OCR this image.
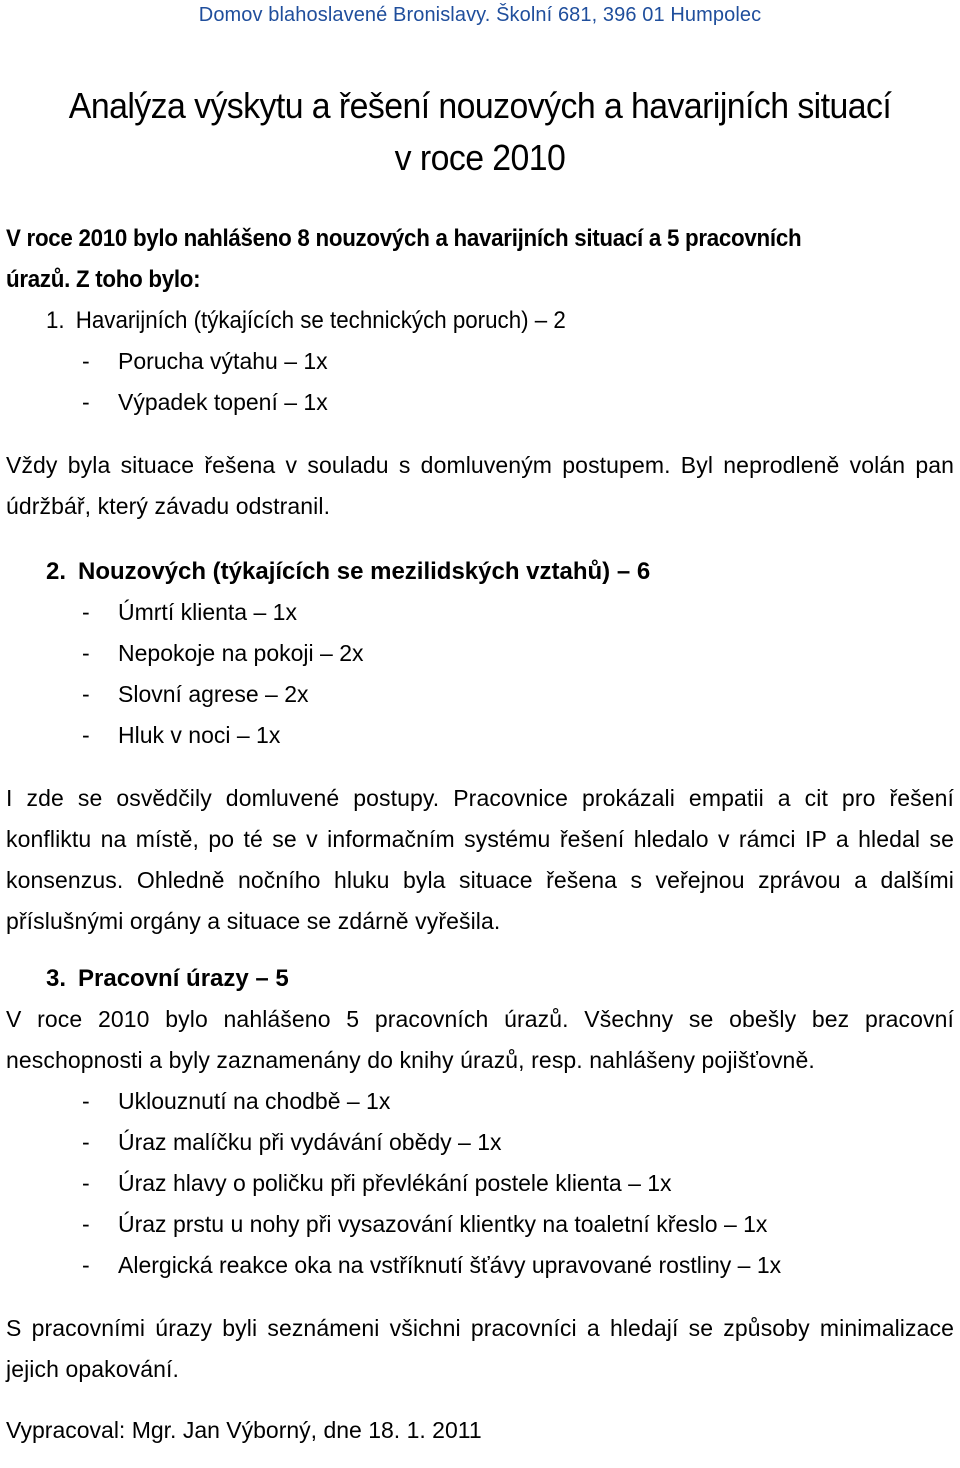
Domov blahoslavené Bronislavy. Školní 681, 396 01 Humpolec
Analýza výskytu a řešení nouzových a havarijních situací
v roce 2010
V roce 2010 bylo nahlášeno 8 nouzových a havarijních situací a 5 pracovních
úrazů. Z toho bylo:
1. Havarijních (týkajících se technických poruch) – 2
- Porucha výtahu – 1x
- Výpadek topení – 1x
Vždy byla situace řešena v souladu s domluveným postupem. Byl neprodleně volán pan údržbář, který závadu odstranil.
2. Nouzových (týkajících se mezilidských vztahů) – 6
- Úmrtí klienta – 1x
- Nepokoje na pokoji – 2x
- Slovní agrese – 2x
- Hluk v noci – 1x
I zde se osvědčily domluvené postupy. Pracovnice prokázali empatii a cit pro řešení konfliktu na místě, po té se v informačním systému řešení hledalo v rámci IP a hledal se konsenzus. Ohledně nočního hluku byla situace řešena s veřejnou zprávou a dalšími příslušnými orgány a situace se zdárně vyřešila.
3. Pracovní úrazy – 5
V roce 2010 bylo nahlášeno 5 pracovních úrazů. Všechny se obešly bez pracovní neschopnosti a byly zaznamenány do knihy úrazů, resp. nahlášeny pojišťovně.
- Uklouznutí na chodbě – 1x
- Úraz malíčku při vydávání obědy – 1x
- Úraz hlavy o poličku při převlékání postele klienta – 1x
- Úraz prstu u nohy při vysazování klientky na toaletní křeslo – 1x
- Alergická reakce oka na vstříknutí šťávy upravované rostliny – 1x
S pracovními úrazy byli seznámeni všichni pracovníci a hledají se způsoby minimalizace jejich opakování.
Vypracoval: Mgr. Jan Výborný, dne 18. 1. 2011
